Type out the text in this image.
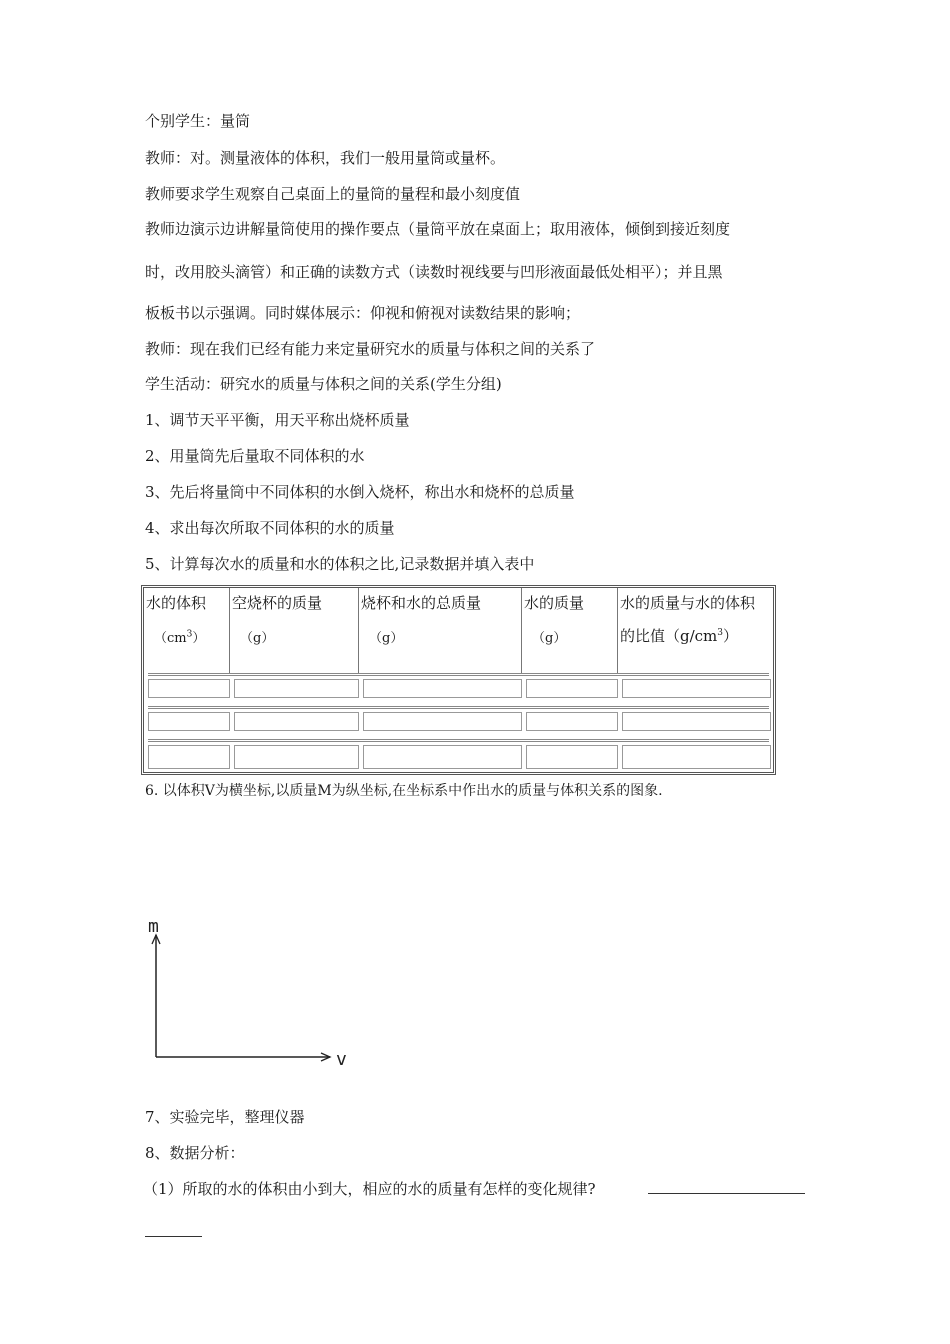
个别学生：量筒
教师：对。测量液体的体积，我们一般用量筒或量杯。
教师要求学生观察自己桌面上的量筒的量程和最小刻度值
教师边演示边讲解量筒使用的操作要点（量筒平放在桌面上；取用液体，倾倒到接近刻度
时，改用胶头滴管）和正确的读数方式（读数时视线要与凹形液面最低处相平）；并且黑
板板书以示强调。同时媒体展示：仰视和俯视对读数结果的影响；
教师：现在我们已经有能力来定量研究水的质量与体积之间的关系了
学生活动：研究水的质量与体积之间的关系(学生分组)
1、调节天平平衡，用天平称出烧杯质量
2、用量筒先后量取不同体积的水
3、先后将量筒中不同体积的水倒入烧杯，称出水和烧杯的总质量
4、求出每次所取不同体积的水的质量
5、计算每次水的质量和水的体积之比,记录数据并填入表中
水的体积
$(cm^3)$
空烧杯的质量
（g）
烧杯和水的总质量
（g）
水的质量
（g）
水的质量与水的体积
的比值$(g/cm^3)$
6. 以体积V为横坐标,以质量M为纵坐标,在坐标系中作出水的质量与体积关系的图象.
m
v
7、实验完毕，整理仪器
8、数据分析：
（1）所取的水的体积由小到大，相应的水的质量有怎样的变化规律?
